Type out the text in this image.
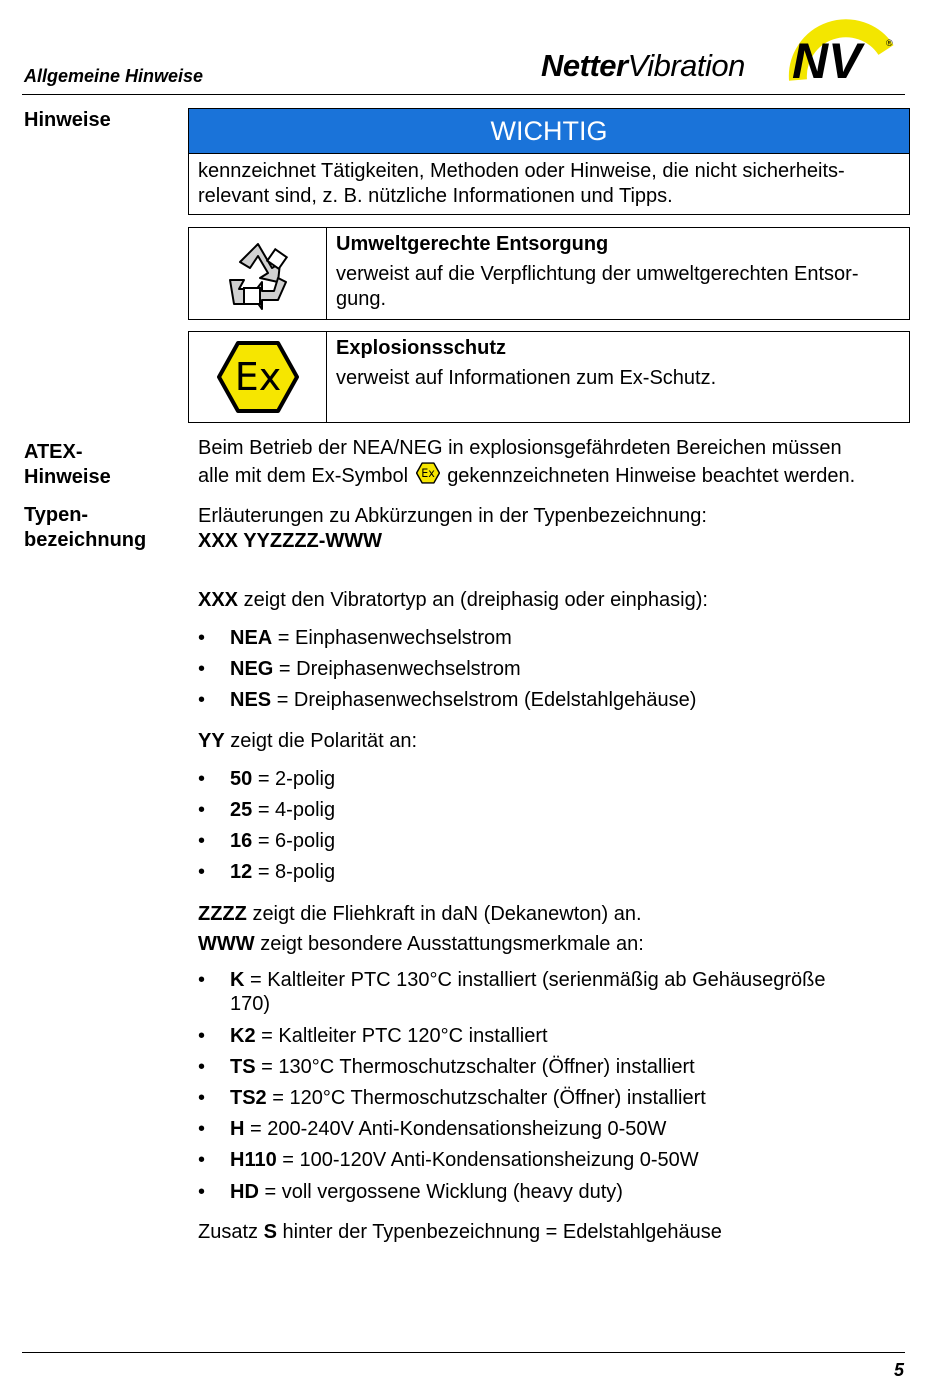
Allgemeine Hinweise	NetterVibration NV	®
Hinweise
ATEX-
Hinweise
Typen-
bezeichnung
WICHTIG
kennzeichnet Tätigkeiten, Methoden oder Hinweise, die nicht sicherheits-
relevant sind, z. B. nützliche Informationen und Tipps.
Umweltgerechte Entsorgung
verweist auf die Verpflichtung der umweltgerechten Entsor-
gung.
Ex
Explosionsschutz
verweist auf Informationen zum Ex-Schutz.
Beim Betrieb der NEA/NEG in explosionsgefährdeten Bereichen müssen
alle mit dem Ex-Symbol Ex gekennzeichneten Hinweise beachtet werden.
Erläuterungen zu Abkürzungen in der Typenbezeichnung:
XXX YYZZZZ-WWW
XXX zeigt den Vibratortyp an (dreiphasig oder einphasig):
• NEA = Einphasenwechselstrom
• NEG = Dreiphasenwechselstrom
• NES = Dreiphasenwechselstrom (Edelstahlgehäuse)
YY zeigt die Polarität an:
• 50 = 2-polig
• 25 = 4-polig
• 16 = 6-polig
• 12 = 8-polig
ZZZZ zeigt die Fliehkraft in daN (Dekanewton) an.
WWW zeigt besondere Ausstattungsmerkmale an:
• K = Kaltleiter PTC 130°C installiert (serienmäßig ab Gehäusegröße
170)
• K2 = Kaltleiter PTC 120°C installiert
• TS = 130°C Thermoschutzschalter (Öffner) installiert
• TS2 = 120°C Thermoschutzschalter (Öffner) installiert
• H = 200-240V Anti-Kondensationsheizung 0-50W
• H110 = 100-120V Anti-Kondensationsheizung 0-50W
• HD = voll vergossene Wicklung (heavy duty)
Zusatz S hinter der Typenbezeichnung = Edelstahlgehäuse
5
